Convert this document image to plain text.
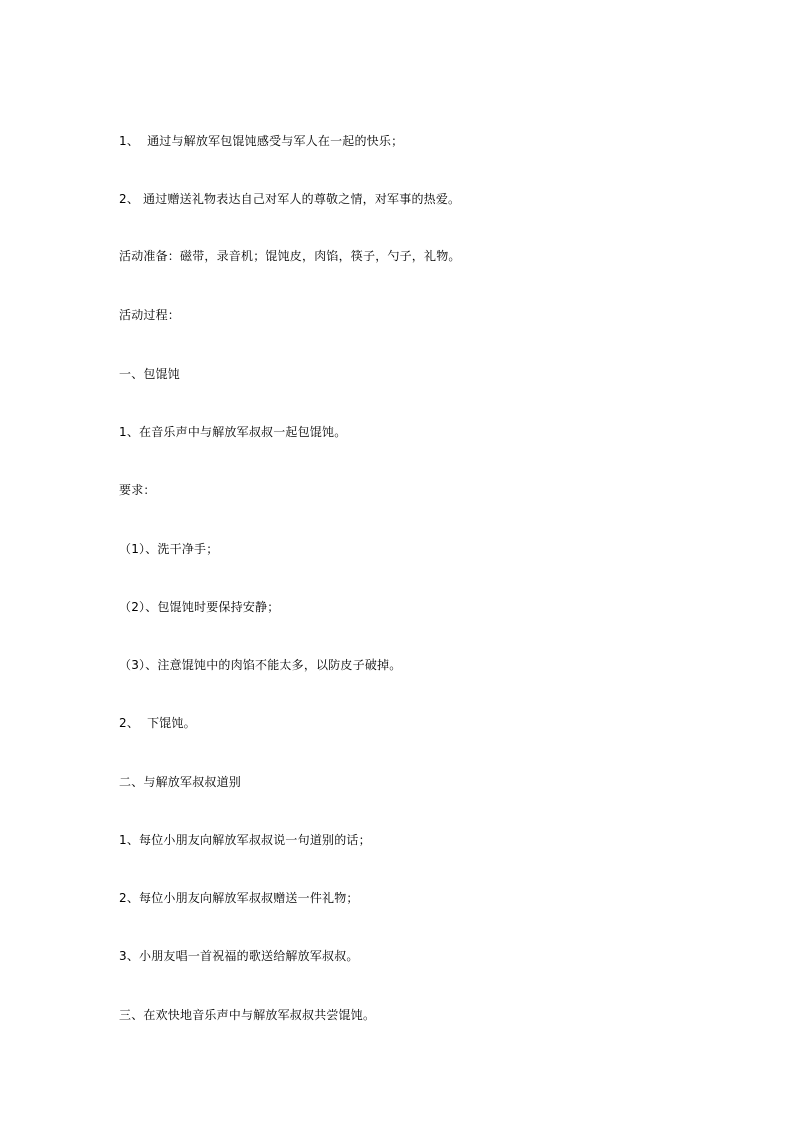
1、  通过与解放军包馄饨感受与军人在一起的快乐；
2、 通过赠送礼物表达自己对军人的尊敬之情，对军事的热爱。
活动准备：磁带，录音机；馄饨皮，肉馅，筷子，勺子，礼物。
活动过程：
一、包馄饨
1、在音乐声中与解放军叔叔一起包馄饨。
要求：
（1）、洗干净手；
（2）、包馄饨时要保持安静；
（3）、注意馄饨中的肉馅不能太多，以防皮子破掉。
2、  下馄饨。
二、与解放军叔叔道别
1、每位小朋友向解放军叔叔说一句道别的话；
2、每位小朋友向解放军叔叔赠送一件礼物；
3、小朋友唱一首祝福的歌送给解放军叔叔。
三、在欢快地音乐声中与解放军叔叔共尝馄饨。
